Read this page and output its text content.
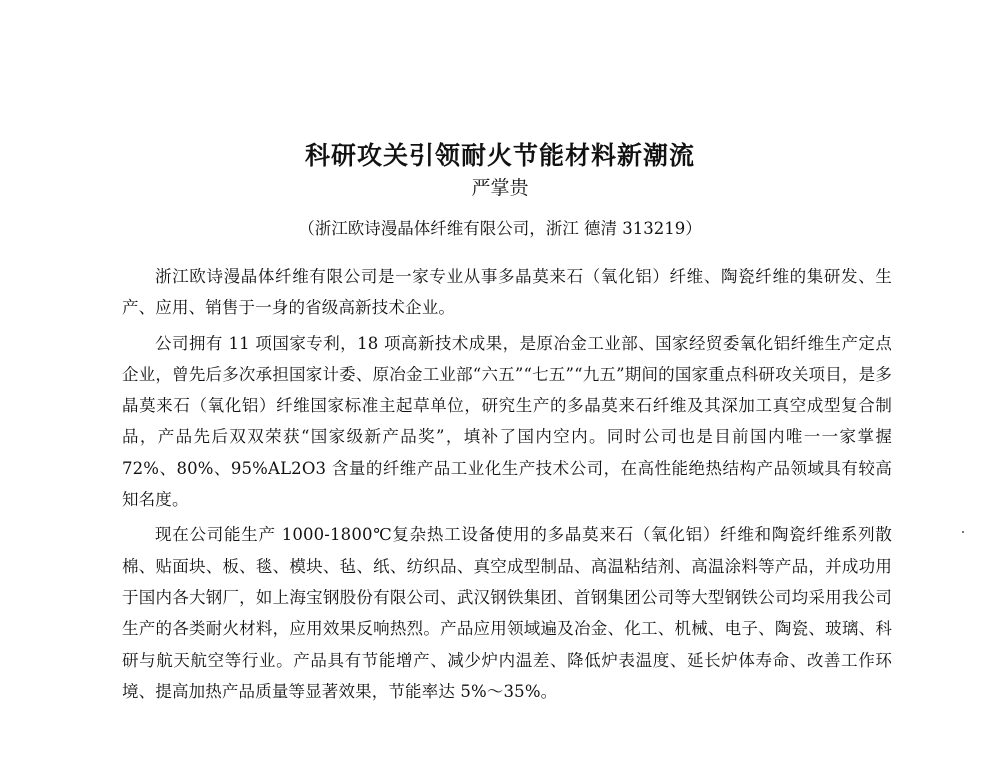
科研攻关引领耐火节能材料新潮流
严掌贵
（浙江欧诗漫晶体纤维有限公司，浙江 德清 313219）

浙江欧诗漫晶体纤维有限公司是一家专业从事多晶莫来石（氧化铝）纤维、陶瓷纤维的集研发、生产、应用、销售于一身的省级高新技术企业。

公司拥有 11 项国家专利，18 项高新技术成果，是原冶金工业部、国家经贸委氧化铝纤维生产定点企业，曾先后多次承担国家计委、原冶金工业部“六五”“七五”“九五”期间的国家重点科研攻关项目，是多晶莫来石（氧化铝）纤维国家标准主起草单位，研究生产的多晶莫来石纤维及其深加工真空成型复合制品，产品先后双双荣获“国家级新产品奖”，填补了国内空内。同时公司也是目前国内唯一一家掌握 72%、80%、95%AL2O3 含量的纤维产品工业化生产技术公司，在高性能绝热结构产品领域具有较高知名度。

现在公司能生产 1000-1800℃复杂热工设备使用的多晶莫来石（氧化铝）纤维和陶瓷纤维系列散棉、贴面块、板、毯、模块、毡、纸、纺织品、真空成型制品、高温粘结剂、高温涂料等产品，并成功用于国内各大钢厂，如上海宝钢股份有限公司、武汉钢铁集团、首钢集团公司等大型钢铁公司均采用我公司生产的各类耐火材料，应用效果反响热烈。产品应用领域遍及冶金、化工、机械、电子、陶瓷、玻璃、科研与航天航空等行业。产品具有节能增产、减少炉内温差、降低炉表温度、延长炉体寿命、改善工作环境、提高加热产品质量等显著效果，节能率达 5%～35%。
